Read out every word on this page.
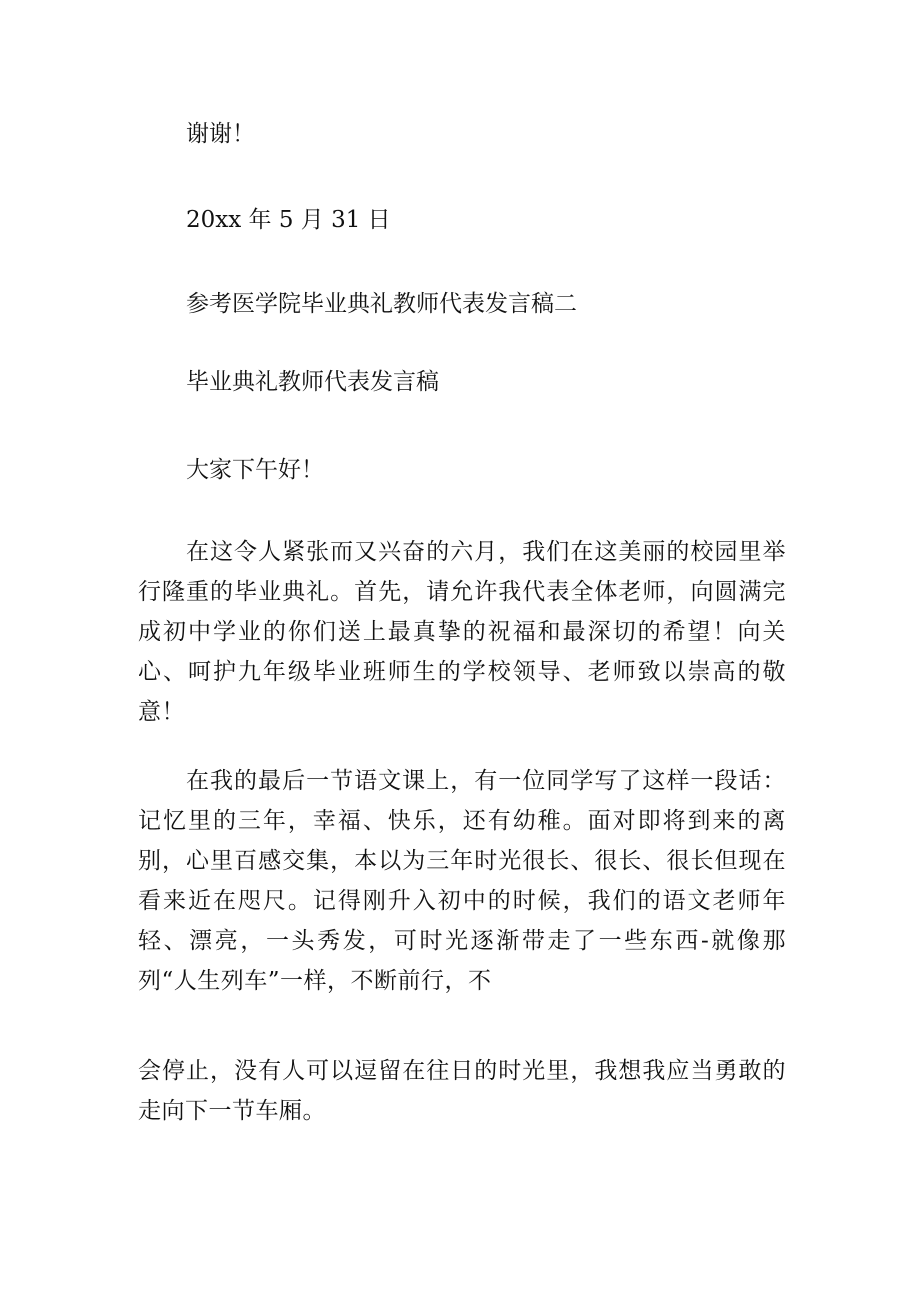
谢谢！

20xx 年 5 月 31 日

参考医学院毕业典礼教师代表发言稿二

毕业典礼教师代表发言稿

大家下午好！

在这令人紧张而又兴奋的六月，我们在这美丽的校园里举行隆重的毕业典礼。首先，请允许我代表全体老师，向圆满完成初中学业的你们送上最真挚的祝福和最深切的希望！向关心、呵护九年级毕业班师生的学校领导、老师致以崇高的敬意！

在我的最后一节语文课上，有一位同学写了这样一段话：记忆里的三年，幸福、快乐，还有幼稚。面对即将到来的离别，心里百感交集，本以为三年时光很长、很长、很长但现在看来近在咫尺。记得刚升入初中的时候，我们的语文老师年轻、漂亮，一头秀发，可时光逐渐带走了一些东西-就像那列“人生列车”一样，不断前行，不

会停止，没有人可以逗留在往日的时光里，我想我应当勇敢的走向下一节车厢。
